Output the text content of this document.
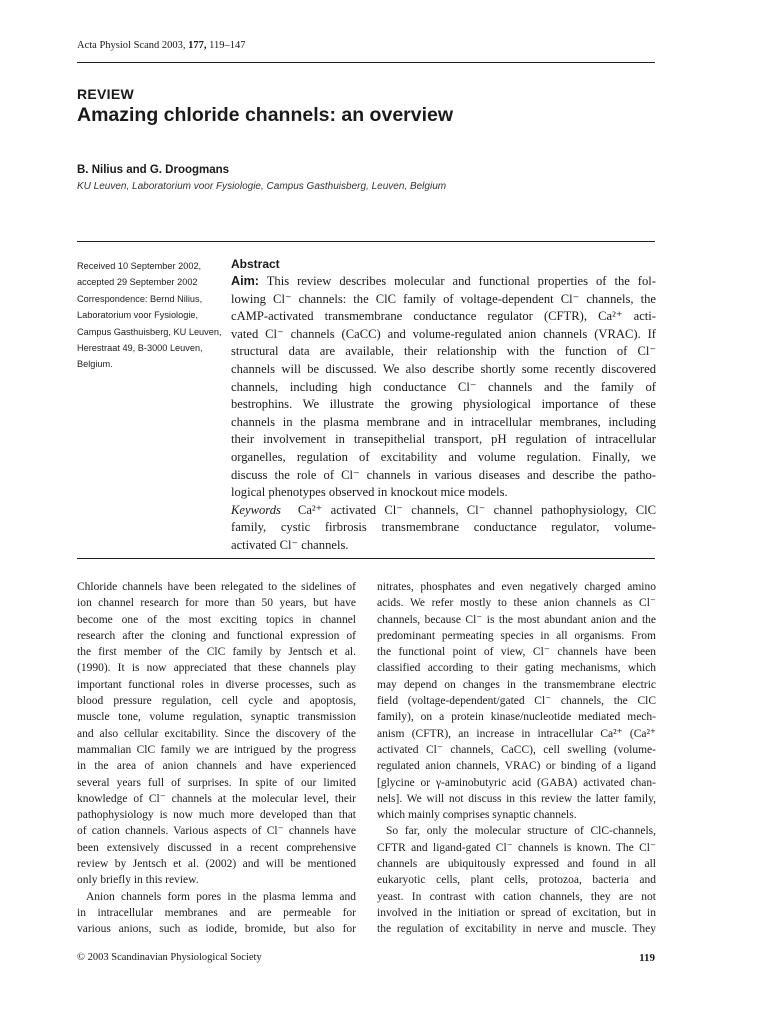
Acta Physiol Scand 2003, 177, 119–147
REVIEW
Amazing chloride channels: an overview
B. Nilius and G. Droogmans
KU Leuven, Laboratorium voor Fysiologie, Campus Gasthuisberg, Leuven, Belgium
Received 10 September 2002,
accepted 29 September 2002
Correspondence: Bernd Nilius,
Laboratorium voor Fysiologie,
Campus Gasthuisberg, KU Leuven,
Herestraat 49, B-3000 Leuven,
Belgium.
Abstract
Aim: This review describes molecular and functional properties of the fol-
lowing Cl⁻ channels: the ClC family of voltage-dependent Cl⁻ channels, the
cAMP-activated transmembrane conductance regulator (CFTR), Ca²⁺ acti-
vated Cl⁻ channels (CaCC) and volume-regulated anion channels (VRAC). If
structural data are available, their relationship with the function of Cl⁻
channels will be discussed. We also describe shortly some recently discovered
channels, including high conductance Cl⁻ channels and the family of
bestrophins. We illustrate the growing physiological importance of these
channels in the plasma membrane and in intracellular membranes, including
their involvement in transepithelial transport, pH regulation of intracellular
organelles, regulation of excitability and volume regulation. Finally, we
discuss the role of Cl⁻ channels in various diseases and describe the patho-
logical phenotypes observed in knockout mice models.
Keywords Ca²⁺ activated Cl⁻ channels, Cl⁻ channel pathophysiology, ClC
family, cystic firbrosis transmembrane conductance regulator, volume-
activated Cl⁻ channels.
Chloride channels have been relegated to the sidelines of
ion channel research for more than 50 years, but have
become one of the most exciting topics in channel
research after the cloning and functional expression of
the first member of the ClC family by Jentsch et al.
(1990). It is now appreciated that these channels play
important functional roles in diverse processes, such as
blood pressure regulation, cell cycle and apoptosis,
muscle tone, volume regulation, synaptic transmission
and also cellular excitability. Since the discovery of the
mammalian ClC family we are intrigued by the progress
in the area of anion channels and have experienced
several years full of surprises. In spite of our limited
knowledge of Cl⁻ channels at the molecular level, their
pathophysiology is now much more developed than that
of cation channels. Various aspects of Cl⁻ channels have
been extensively discussed in a recent comprehensive
review by Jentsch et al. (2002) and will be mentioned
only briefly in this review.
Anion channels form pores in the plasma lemma and
in intracellular membranes and are permeable for
various anions, such as iodide, bromide, but also for
nitrates, phosphates and even negatively charged amino
acids. We refer mostly to these anion channels as Cl⁻
channels, because Cl⁻ is the most abundant anion and the
predominant permeating species in all organisms. From
the functional point of view, Cl⁻ channels have been
classified according to their gating mechanisms, which
may depend on changes in the transmembrane electric
field (voltage-dependent/gated Cl⁻ channels, the ClC
family), on a protein kinase/nucleotide mediated mech-
anism (CFTR), an increase in intracellular Ca²⁺ (Ca²⁺
activated Cl⁻ channels, CaCC), cell swelling (volume-
regulated anion channels, VRAC) or binding of a ligand
[glycine or γ-aminobutyric acid (GABA) activated chan-
nels]. We will not discuss in this review the latter family,
which mainly comprises synaptic channels.
So far, only the molecular structure of ClC-channels,
CFTR and ligand-gated Cl⁻ channels is known. The Cl⁻
channels are ubiquitously expressed and found in all
eukaryotic cells, plant cells, protozoa, bacteria and
yeast. In contrast with cation channels, they are not
involved in the initiation or spread of excitation, but in
the regulation of excitability in nerve and muscle. They
© 2003 Scandinavian Physiological Society	119
